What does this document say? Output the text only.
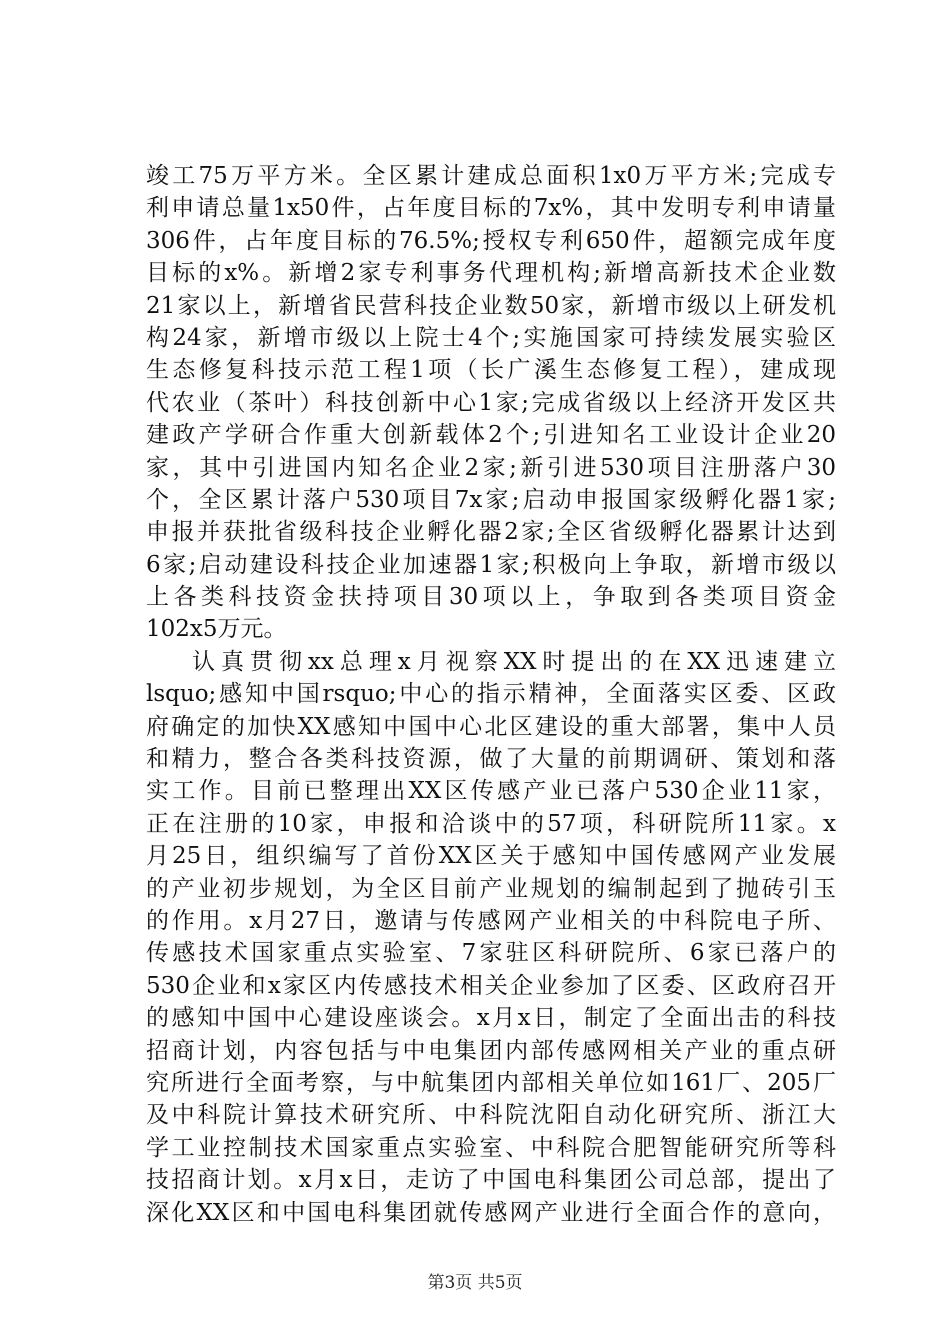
竣工75万平方米。全区累计建成总面积1x0万平方米;完成专
利申请总量1x50件，占年度目标的7x%，其中发明专利申请量
306件，占年度目标的76.5%;授权专利650件，超额完成年度
目标的x%。新增2家专利事务代理机构;新增高新技术企业数
21家以上，新增省民营科技企业数50家，新增市级以上研发机
构24家，新增市级以上院士4个;实施国家可持续发展实验区
生态修复科技示范工程1项（长广溪生态修复工程），建成现
代农业（茶叶）科技创新中心1家;完成省级以上经济开发区共
建政产学研合作重大创新载体2个;引进知名工业设计企业20
家，其中引进国内知名企业2家;新引进530项目注册落户30
个，全区累计落户530项目7x家;启动申报国家级孵化器1家;
申报并获批省级科技企业孵化器2家;全区省级孵化器累计达到
6家;启动建设科技企业加速器1家;积极向上争取，新增市级以
上各类科技资金扶持项目30项以上，争取到各类项目资金
102x5万元。
认真贯彻xx总理x月视察XX时提出的在XX迅速建立
lsquo;感知中国rsquo;中心的指示精神，全面落实区委、区政
府确定的加快XX感知中国中心北区建设的重大部署，集中人员
和精力，整合各类科技资源，做了大量的前期调研、策划和落
实工作。目前已整理出XX区传感产业已落户530企业11家，
正在注册的10家，申报和洽谈中的57项，科研院所11家。x
月25日，组织编写了首份XX区关于感知中国传感网产业发展
的产业初步规划，为全区目前产业规划的编制起到了抛砖引玉
的作用。x月27日，邀请与传感网产业相关的中科院电子所、
传感技术国家重点实验室、7家驻区科研院所、6家已落户的
530企业和x家区内传感技术相关企业参加了区委、区政府召开
的感知中国中心建设座谈会。x月x日，制定了全面出击的科技
招商计划，内容包括与中电集团内部传感网相关产业的重点研
究所进行全面考察，与中航集团内部相关单位如161厂、205厂
及中科院计算技术研究所、中科院沈阳自动化研究所、浙江大
学工业控制技术国家重点实验室、中科院合肥智能研究所等科
技招商计划。x月x日，走访了中国电科集团公司总部，提出了
深化XX区和中国电科集团就传感网产业进行全面合作的意向，
第3页 共5页
